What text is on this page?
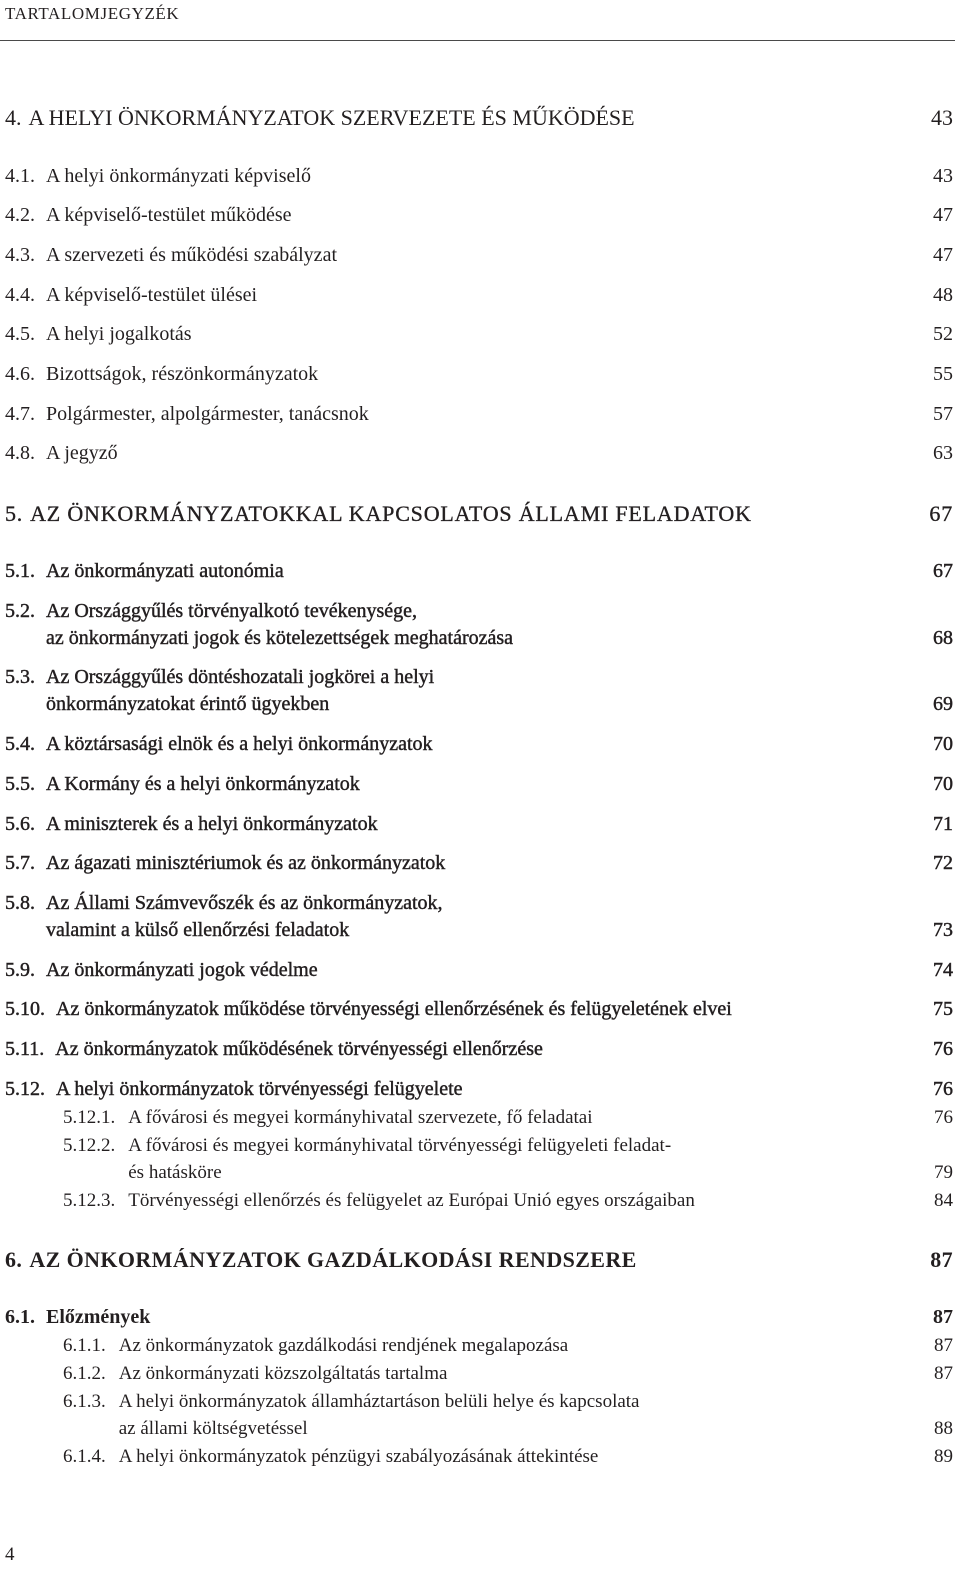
TARTALOMJEGYZÉK
4. A HELYI ÖNKORMÁNYZATOK SZERVEZETE ÉS MŰKÖDÉSE	43
4.1. A helyi önkormányzati képviselő	43
4.2. A képviselő-testület működése	47
4.3. A szervezeti és működési szabályzat	47
4.4. A képviselő-testület ülései	48
4.5. A helyi jogalkotás	52
4.6. Bizottságok, részönkormányzatok	55
4.7. Polgármester, alpolgármester, tanácsnok	57
4.8. A jegyző	63
5. AZ ÖNKORMÁNYZATOKKAL KAPCSOLATOS ÁLLAMI FELADATOK	67
5.1. Az önkormányzati autonómia	67
5.2. Az Országgyűlés törvényalkotó tevékenysége,
az önkormányzati jogok és kötelezettségek meghatározása	68
5.3. Az Országgyűlés döntéshozatali jogkörei a helyi
önkormányzatokat érintő ügyekben	69
5.4. A köztársasági elnök és a helyi önkormányzatok	70
5.5. A Kormány és a helyi önkormányzatok	70
5.6. A miniszterek és a helyi önkormányzatok	71
5.7. Az ágazati minisztériumok és az önkormányzatok	72
5.8. Az Állami Számvevőszék és az önkormányzatok,
valamint a külső ellenőrzési feladatok	73
5.9. Az önkormányzati jogok védelme	74
5.10. Az önkormányzatok működése törvényességi ellenőrzésének és felügyeletének elvei	75
5.11. Az önkormányzatok működésének törvényességi ellenőrzése	76
5.12. A helyi önkormányzatok törvényességi felügyelete	76
5.12.1. A fővárosi és megyei kormányhivatal szervezete, fő feladatai	76
5.12.2. A fővárosi és megyei kormányhivatal törvényességi felügyeleti feladat-
és hatásköre	79
5.12.3. Törvényességi ellenőrzés és felügyelet az Európai Unió egyes országaiban	84
6. AZ ÖNKORMÁNYZATOK GAZDÁLKODÁSI RENDSZERE	87
6.1. Előzmények	87
6.1.1. Az önkormányzatok gazdálkodási rendjének megalapozása	87
6.1.2. Az önkormányzati közszolgáltatás tartalma	87
6.1.3. A helyi önkormányzatok államháztartáson belüli helye és kapcsolata
az állami költségvetéssel	88
6.1.4. A helyi önkormányzatok pénzügyi szabályozásának áttekintése	89
4
